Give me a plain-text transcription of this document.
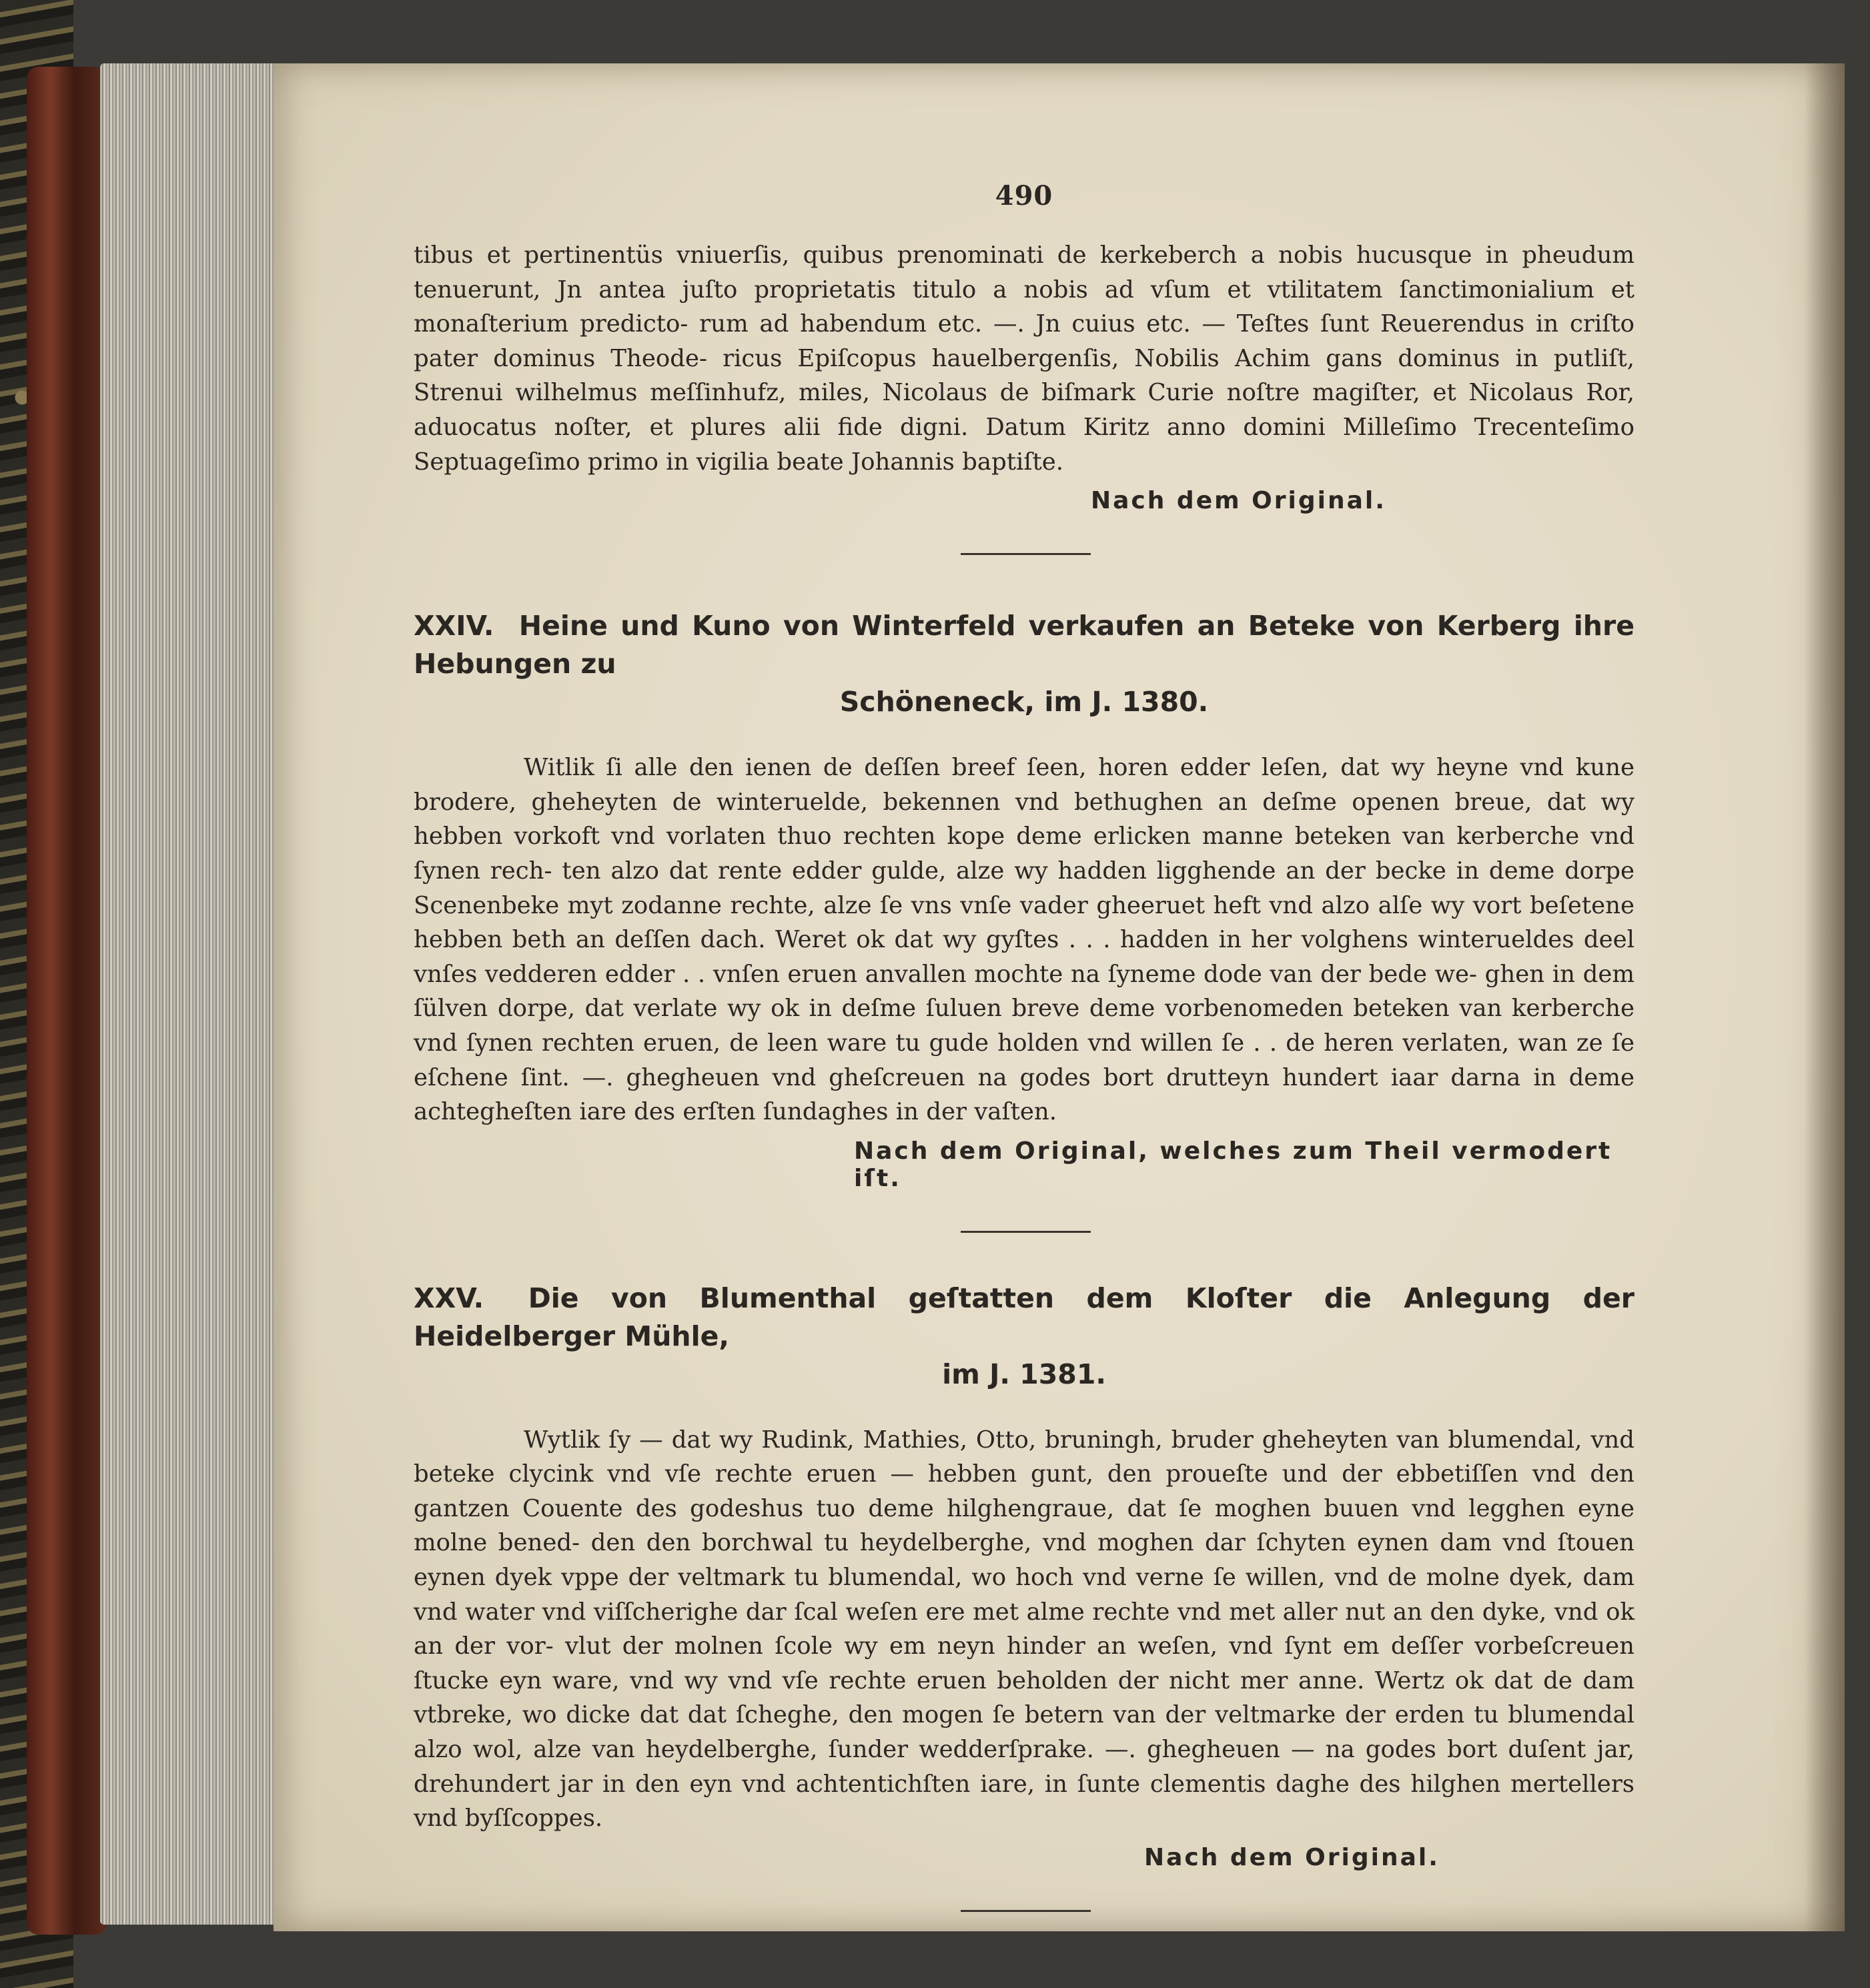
490

tibus et pertinentüs vniuerſis, quibus prenominati de kerkeberch a nobis hucusque in pheudum tenuerunt, Jn antea juſto proprietatis titulo a nobis ad vſum et vtilitatem ſanctimonialium et monaſterium predicto- rum ad habendum etc. —. Jn cuius etc. — Teſtes ſunt Reuerendus in criſto pater dominus Theode- ricus Epiſcopus hauelbergenſis, Nobilis Achim gans dominus in putliſt, Strenui wilhelmus meſſinhufz, miles, Nicolaus de biſmark Curie noſtre magiſter, et Nicolaus Ror, aduocatus noſter, et plures alii fide digni. Datum Kiritz anno domini Milleſimo Trecenteſimo Septuageſimo primo in vigilia beate Johannis baptiſte.

Nach dem Original.
XXIV. Heine und Kuno von Winterfeld verkaufen an Beteke von Kerberg ihre Hebungen zu
Schöneneck, im J. 1380.

Witlik ſi alle den ienen de deſſen breef ſeen, horen edder leſen, dat wy heyne vnd kune brodere, gheheyten de winteruelde, bekennen vnd bethughen an deſme openen breue, dat wy hebben vorkoft vnd vorlaten thuo rechten kope deme erlicken manne beteken van kerberche vnd ſynen rech- ten alzo dat rente edder gulde, alze wy hadden ligghende an der becke in deme dorpe Scenenbeke myt zodanne rechte, alze ſe vns vnſe vader gheeruet heft vnd alzo alſe wy vort beſetene hebben beth an deſſen dach. Weret ok dat wy gyſtes . . . hadden in her volghens winterueldes deel vnſes vedderen edder . . vnſen eruen anvallen mochte na ſyneme dode van der bede we- ghen in dem ſülven dorpe, dat verlate wy ok in deſme ſuluen breve deme vorbenomeden beteken van kerberche vnd ſynen rechten eruen, de leen ware tu gude holden vnd willen ſe . . de heren verlaten, wan ze ſe eſchene ſint. —. ghegheuen vnd gheſcreuen na godes bort drutteyn hundert iaar darna in deme achtegheſten iare des erſten ſundaghes in der vaſten.

Nach dem Original, welches zum Theil vermodert iſt.
XXV. Die von Blumenthal geſtatten dem Kloſter die Anlegung der Heidelberger Mühle,
im J. 1381.

Wytlik ſy — dat wy Rudink, Mathies, Otto, bruningh, bruder gheheyten van blumendal, vnd beteke clycink vnd vſe rechte eruen — hebben gunt, den proueſte und der ebbetiſſen vnd den gantzen Couente des godeshus tuo deme hilghengraue, dat ſe moghen buuen vnd legghen eyne molne bened- den den borchwal tu heydelberghe, vnd moghen dar ſchyten eynen dam vnd ſtouen eynen dyek vppe der veltmark tu blumendal, wo hoch vnd verne ſe willen, vnd de molne dyek, dam vnd water vnd viſſcherighe dar ſcal weſen ere met alme rechte vnd met aller nut an den dyke, vnd ok an der vor- vlut der molnen ſcole wy em neyn hinder an weſen, vnd ſynt em deſſer vorbeſcreuen ſtucke eyn ware, vnd wy vnd vſe rechte eruen beholden der nicht mer anne. Wertz ok dat de dam vtbreke, wo dicke dat dat ſcheghe, den mogen ſe betern van der veltmarke der erden tu blumendal alzo wol, alze van heydelberghe, ſunder wedderſprake. —. ghegheuen — na godes bort duſent jar, drehundert jar in den eyn vnd achtentichſten iare, in ſunte clementis daghe des hilghen mertellers vnd byſſcoppes.

Nach dem Original.
